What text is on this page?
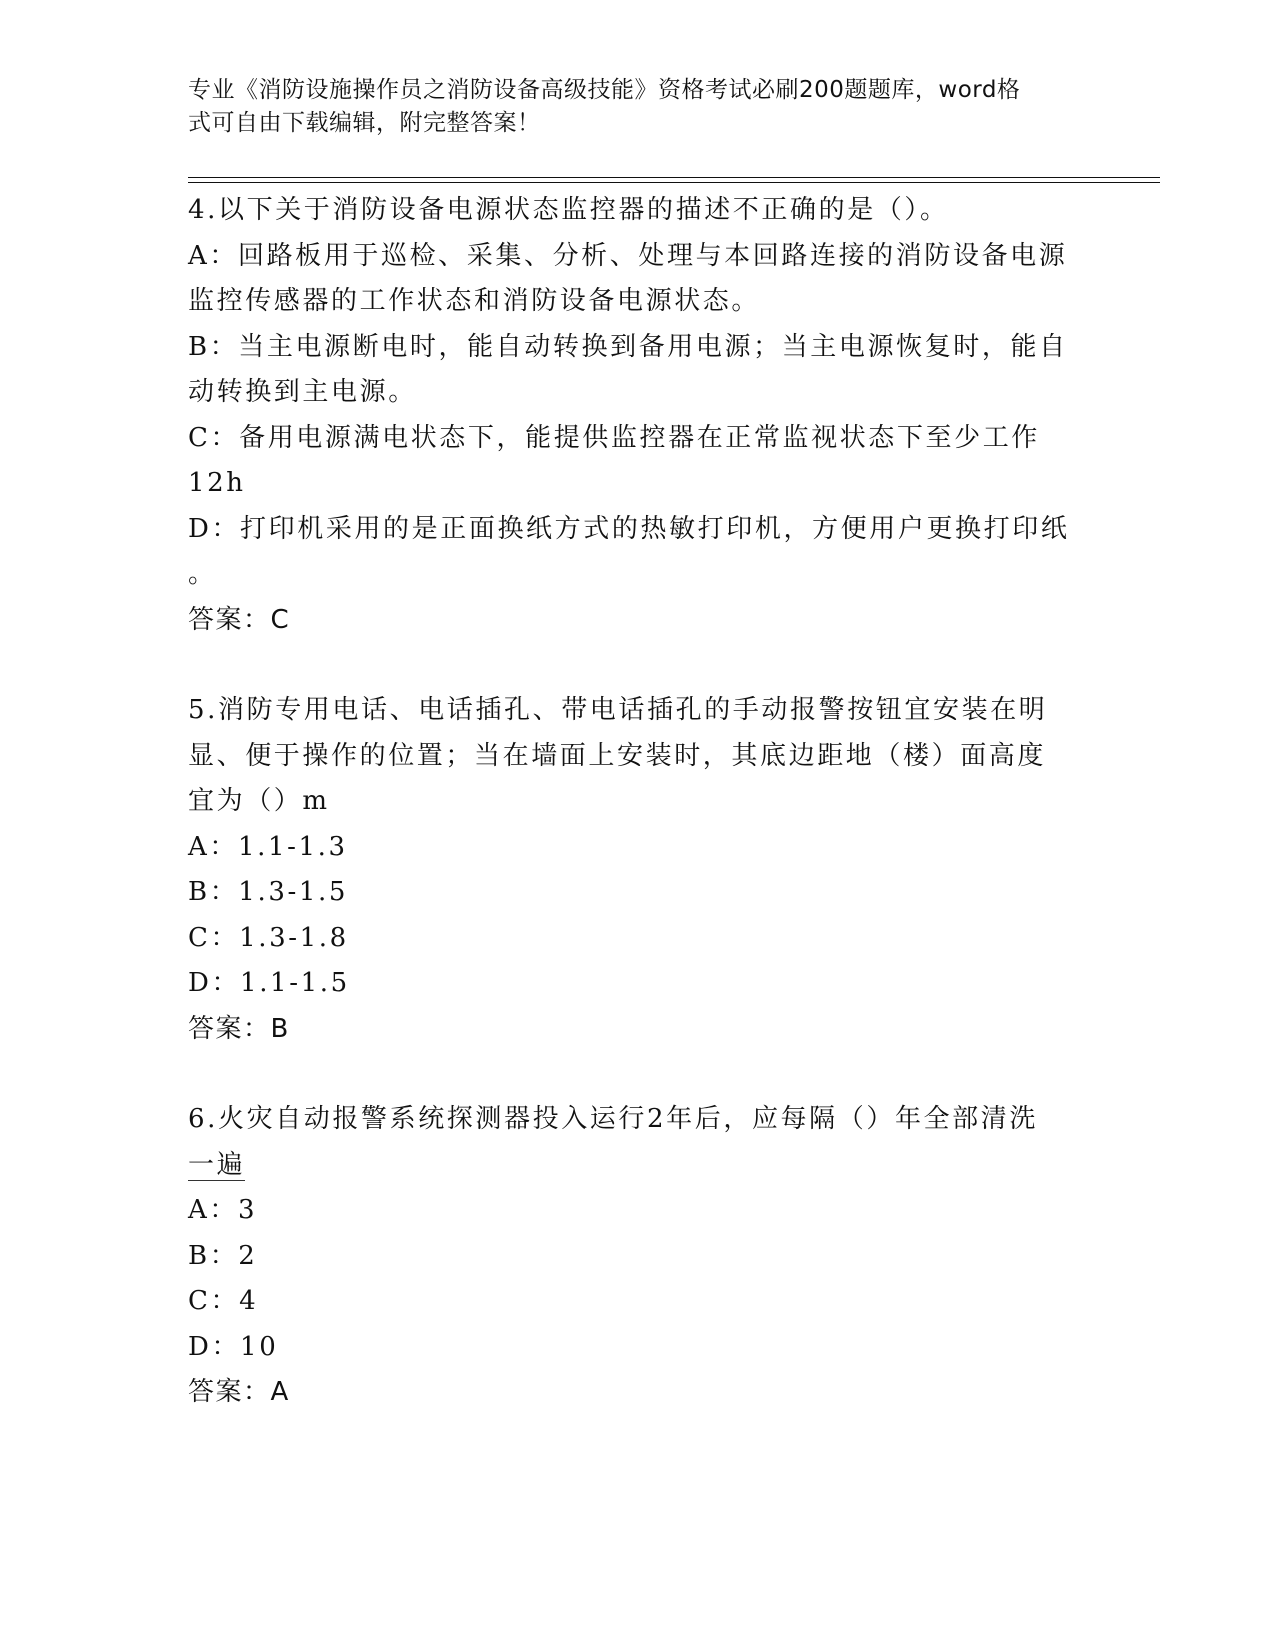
专业《消防设施操作员之消防设备高级技能》资格考试必刷200题题库，word格
式可自由下载编辑，附完整答案！
4.以下关于消防设备电源状态监控器的描述不正确的是（）。
A：回路板用于巡检、采集、分析、处理与本回路连接的消防设备电源
监控传感器的工作状态和消防设备电源状态。
B：当主电源断电时，能自动转换到备用电源；当主电源恢复时，能自
动转换到主电源。
C：备用电源满电状态下，能提供监控器在正常监视状态下至少工作
12h
D：打印机采用的是正面换纸方式的热敏打印机，方便用户更换打印纸
。
答案：C
5.消防专用电话、电话插孔、带电话插孔的手动报警按钮宜安装在明
显、便于操作的位置；当在墙面上安装时，其底边距地（楼）面高度
宜为（）m
A：1.1-1.3
B：1.3-1.5
C：1.3-1.8
D：1.1-1.5
答案：B
6.火灾自动报警系统探测器投入运行2年后，应每隔（）年全部清洗
一遍
A：3
B：2
C：4
D：10
答案：A
